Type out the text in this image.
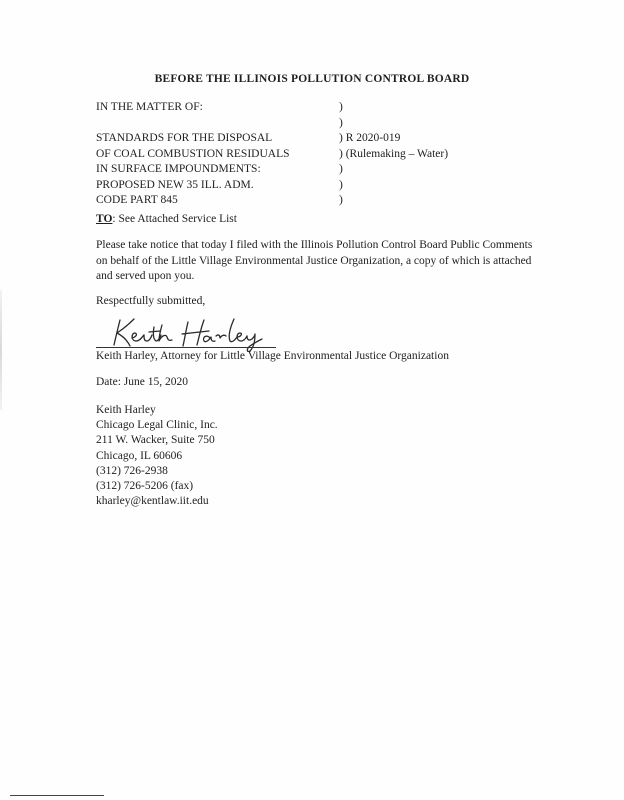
BEFORE THE ILLINOIS POLLUTION CONTROL BOARD
IN THE MATTER OF:
STANDARDS FOR THE DISPOSAL
OF COAL COMBUSTION RESIDUALS
IN SURFACE IMPOUNDMENTS:
PROPOSED NEW 35 ILL. ADM.
CODE PART 845
)
)
) R 2020-019
) (Rulemaking – Water)
)
)
)
TO: See Attached Service List
Please take notice that today I filed with the Illinois Pollution Control Board Public Comments on behalf of the Little Village Environmental Justice Organization, a copy of which is attached and served upon you.
Respectfully submitted,
Keith Harley, Attorney for Little Village Environmental Justice Organization
Date: June 15, 2020
Keith Harley
Chicago Legal Clinic, Inc.
211 W. Wacker, Suite 750
Chicago, IL 60606
(312) 726-2938
(312) 726-5206 (fax)
kharley@kentlaw.iit.edu
